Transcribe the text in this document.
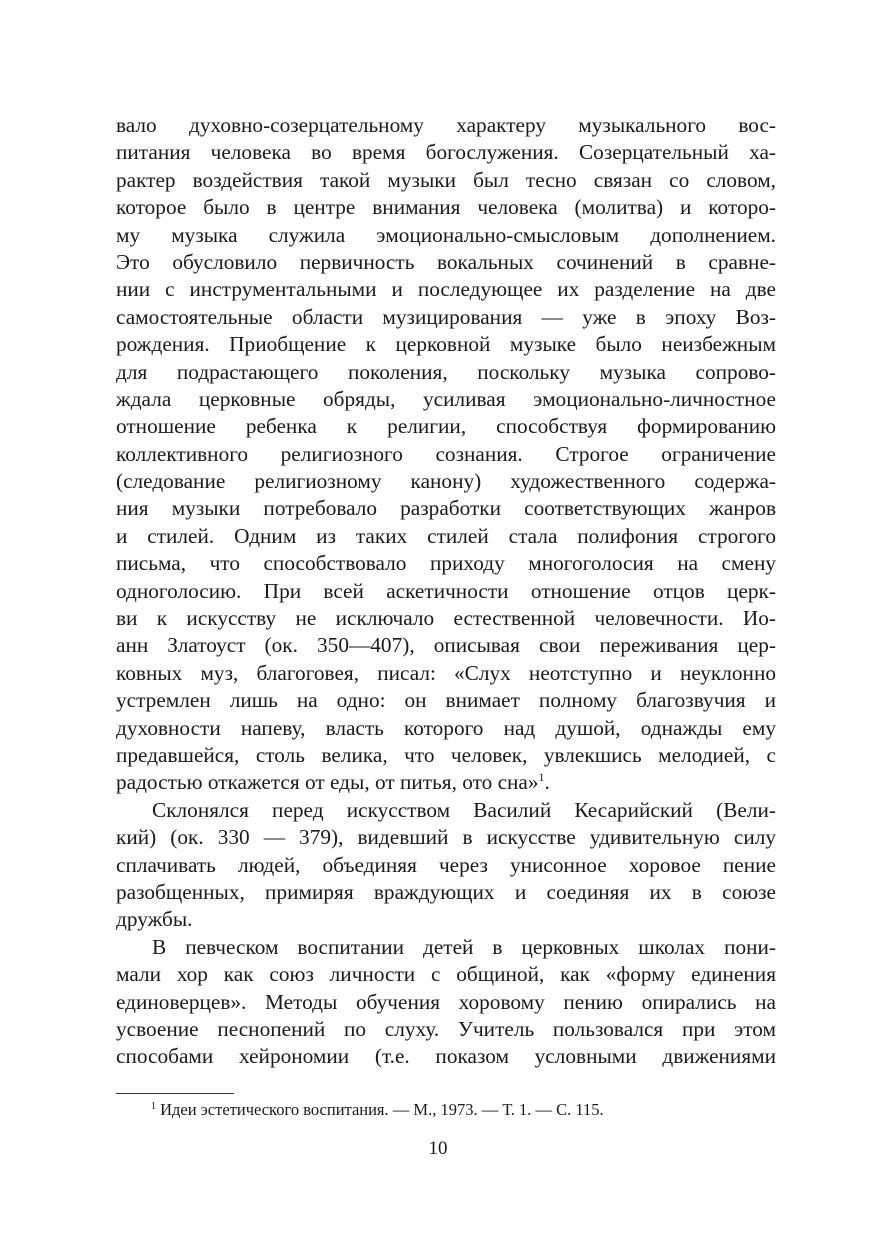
вало духовно-созерцательному характеру музыкального вос-
питания человека во время богослужения. Созерцательный ха-
рактер воздействия такой музыки был тесно связан со словом,
которое было в центре внимания человека (молитва) и которо-
му музыка служила эмоционально-смысловым дополнением.
Это обусловило первичность вокальных сочинений в сравне-
нии с инструментальными и последующее их разделение на две
самостоятельные области музицирования — уже в эпоху Воз-
рождения. Приобщение к церковной музыке было неизбежным
для подрастающего поколения, поскольку музыка сопрово-
ждала церковные обряды, усиливая эмоционально-личностное
отношение ребенка к религии, способствуя формированию
коллективного религиозного сознания. Строгое ограничение
(следование религиозному канону) художественного содержа-
ния музыки потребовало разработки соответствующих жанров
и стилей. Одним из таких стилей стала полифония строгого
письма, что способствовало приходу многоголосия на смену
одноголосию. При всей аскетичности отношение отцов церк-
ви к искусству не исключало естественной человечности. Ио-
анн Златоуст (ок. 350—407), описывая свои переживания цер-
ковных муз, благоговея, писал: «Слух неотступно и неуклонно
устремлен лишь на одно: он внимает полному благозвучия и
духовности напеву, власть которого над душой, однажды ему
предавшейся, столь велика, что человек, увлекшись мелодией, с
радостью откажется от еды, от питья, ото сна»$^1$.
Склонялся перед искусством Василий Кесарийский (Вели-
кий) (ок. 330 — 379), видевший в искусстве удивительную силу
сплачивать людей, объединяя через унисонное хоровое пение
разобщенных, примиряя враждующих и соединяя их в союзе
дружбы.
В певческом воспитании детей в церковных школах пони-
мали хор как союз личности с общиной, как «форму единения
единоверцев». Методы обучения хоровому пению опирались на
усвоение песнопений по слуху. Учитель пользовался при этом
способами хейрономии (т.е. показом условными движениями
$^1$ Идеи эстетического воспитания. — М., 1973. — Т. 1. — С. 115.
10
